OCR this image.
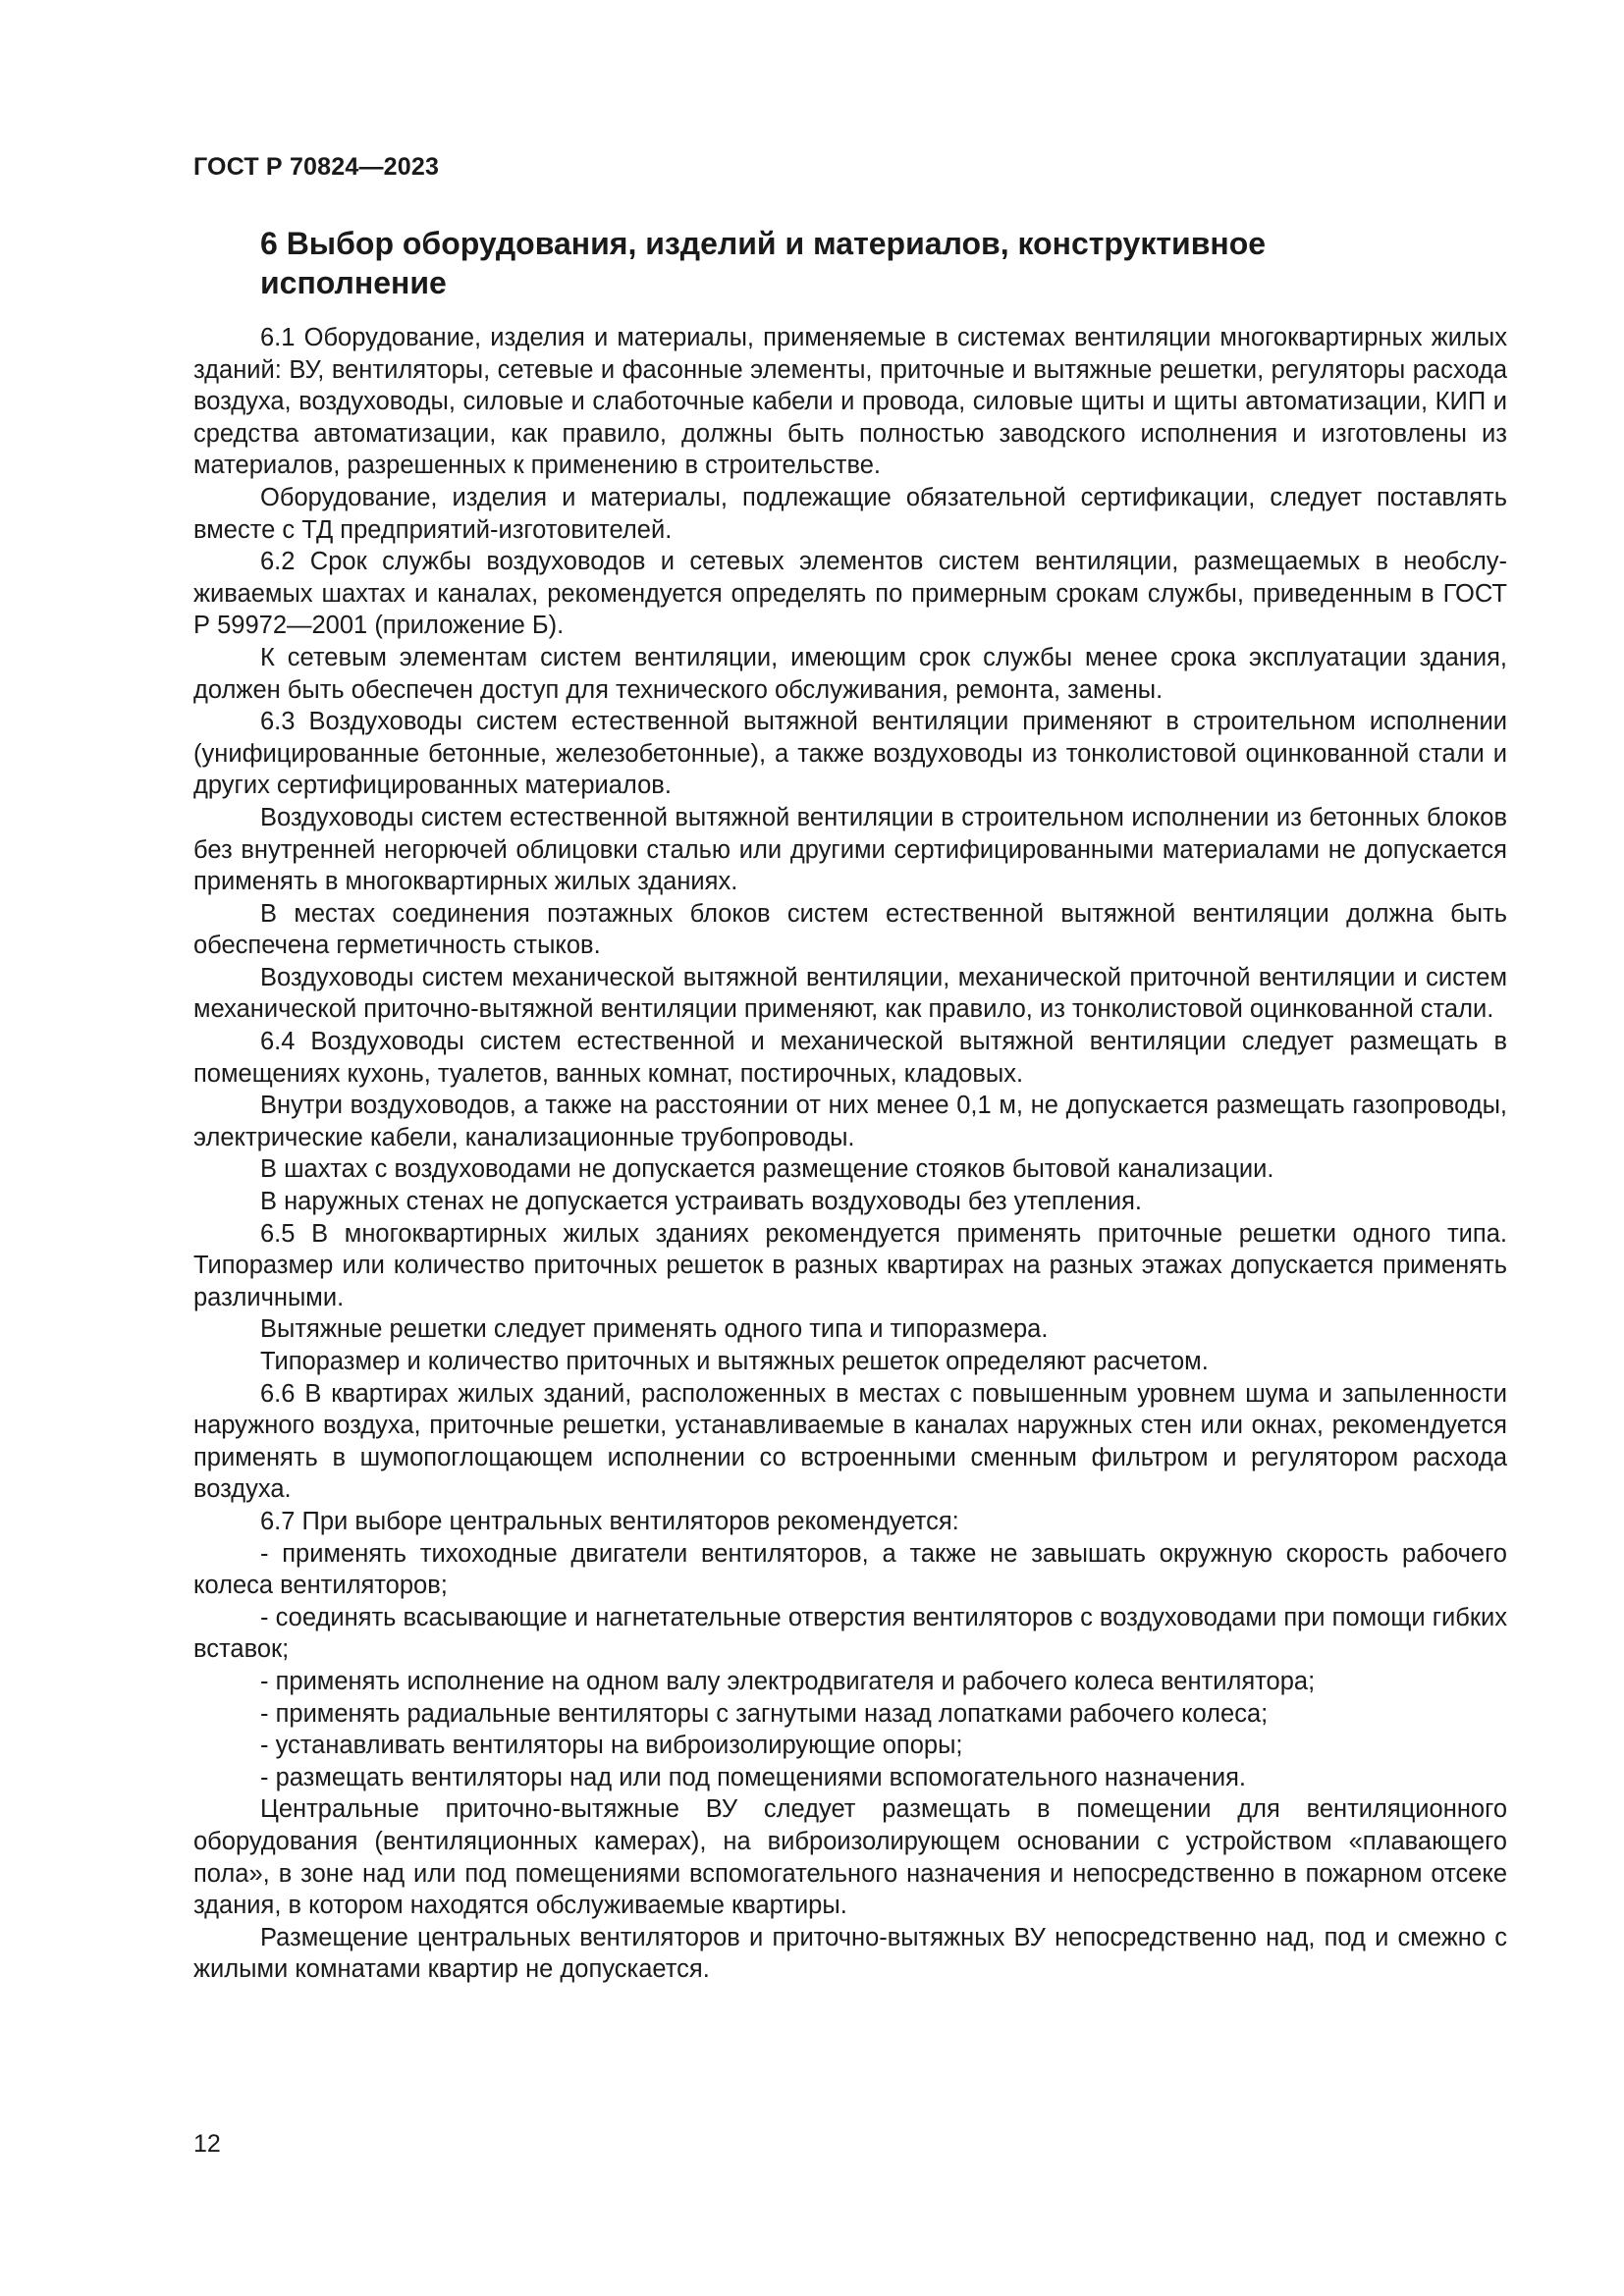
ГОСТ Р 70824—2023
6 Выбор оборудования, изделий и материалов, конструктивное исполнение

6.1 Оборудование, изделия и материалы, применяемые в системах вентиляции многоквартирных жилых зданий: ВУ, вентиляторы, сетевые и фасонные элементы, приточные и вытяжные решетки, регуляторы расхода воздуха, воздуховоды, силовые и слаботочные кабели и провода, силовые щиты и щиты автоматизации, КИП и средства автоматизации, как правило, должны быть полностью заводского исполнения и изготовлены из материалов, разрешенных к применению в строительстве.

Оборудование, изделия и материалы, подлежащие обязательной сертификации, следует поставлять вместе с ТД предприятий-изготовителей.

6.2 Срок службы воздуховодов и сетевых элементов систем вентиляции, размещаемых в необслуживаемых шахтах и каналах, рекомендуется определять по примерным срокам службы, приведенным в ГОСТ Р 59972—2001 (приложение Б).

К сетевым элементам систем вентиляции, имеющим срок службы менее срока эксплуатации здания, должен быть обеспечен доступ для технического обслуживания, ремонта, замены.

6.3 Воздуховоды систем естественной вытяжной вентиляции применяют в строительном исполнении (унифицированные бетонные, железобетонные), а также воздуховоды из тонколистовой оцинкованной стали и других сертифицированных материалов.

Воздуховоды систем естественной вытяжной вентиляции в строительном исполнении из бетонных блоков без внутренней негорючей облицовки сталью или другими сертифицированными материалами не допускается применять в многоквартирных жилых зданиях.

В местах соединения поэтажных блоков систем естественной вытяжной вентиляции должна быть обеспечена герметичность стыков.

Воздуховоды систем механической вытяжной вентиляции, механической приточной вентиляции и систем механической приточно-вытяжной вентиляции применяют, как правило, из тонколистовой оцинкованной стали.

6.4 Воздуховоды систем естественной и механической вытяжной вентиляции следует размещать в помещениях кухонь, туалетов, ванных комнат, постирочных, кладовых.

Внутри воздуховодов, а также на расстоянии от них менее 0,1 м, не допускается размещать газопроводы, электрические кабели, канализационные трубопроводы.

В шахтах с воздуховодами не допускается размещение стояков бытовой канализации.

В наружных стенах не допускается устраивать воздуховоды без утепления.

6.5 В многоквартирных жилых зданиях рекомендуется применять приточные решетки одного типа. Типоразмер или количество приточных решеток в разных квартирах на разных этажах допускается применять различными.

Вытяжные решетки следует применять одного типа и типоразмера.

Типоразмер и количество приточных и вытяжных решеток определяют расчетом.

6.6 В квартирах жилых зданий, расположенных в местах с повышенным уровнем шума и запыленности наружного воздуха, приточные решетки, устанавливаемые в каналах наружных стен или окнах, рекомендуется применять в шумопоглощающем исполнении со встроенными сменным фильтром и регулятором расхода воздуха.

6.7 При выборе центральных вентиляторов рекомендуется:

- применять тихоходные двигатели вентиляторов, а также не завышать окружную скорость рабочего колеса вентиляторов;

- соединять всасывающие и нагнетательные отверстия вентиляторов с воздуховодами при помощи гибких вставок;

- применять исполнение на одном валу электродвигателя и рабочего колеса вентилятора;

- применять радиальные вентиляторы с загнутыми назад лопатками рабочего колеса;

- устанавливать вентиляторы на виброизолирующие опоры;

- размещать вентиляторы над или под помещениями вспомогательного назначения.

Центральные приточно-вытяжные ВУ следует размещать в помещении для вентиляционного оборудования (вентиляционных камерах), на виброизолирующем основании с устройством «плавающего пола», в зоне над или под помещениями вспомогательного назначения и непосредственно в пожарном отсеке здания, в котором находятся обслуживаемые квартиры.

Размещение центральных вентиляторов и приточно-вытяжных ВУ непосредственно над, под и смежно с жилыми комнатами квартир не допускается.

12
